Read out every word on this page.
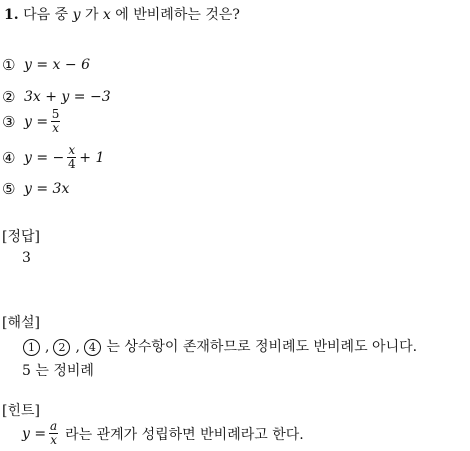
1. 다음 중 y 가 x 에 반비례하는 것은?
① y = x − 6
② 3x + y = −3
③ $y = \frac{5}{x}$
④ y = − $\frac{x}{4} + 1$
⑤ y = 3x
[정답]
3
[해설]
1 , 2 , 4 는 상수항이 존재하므로 정비례도 반비례도 아니다.
5 는 정비례
[힌트]
$y = \frac{a}{x}$ 라는 관계가 성립하면 반비례라고 한다.
